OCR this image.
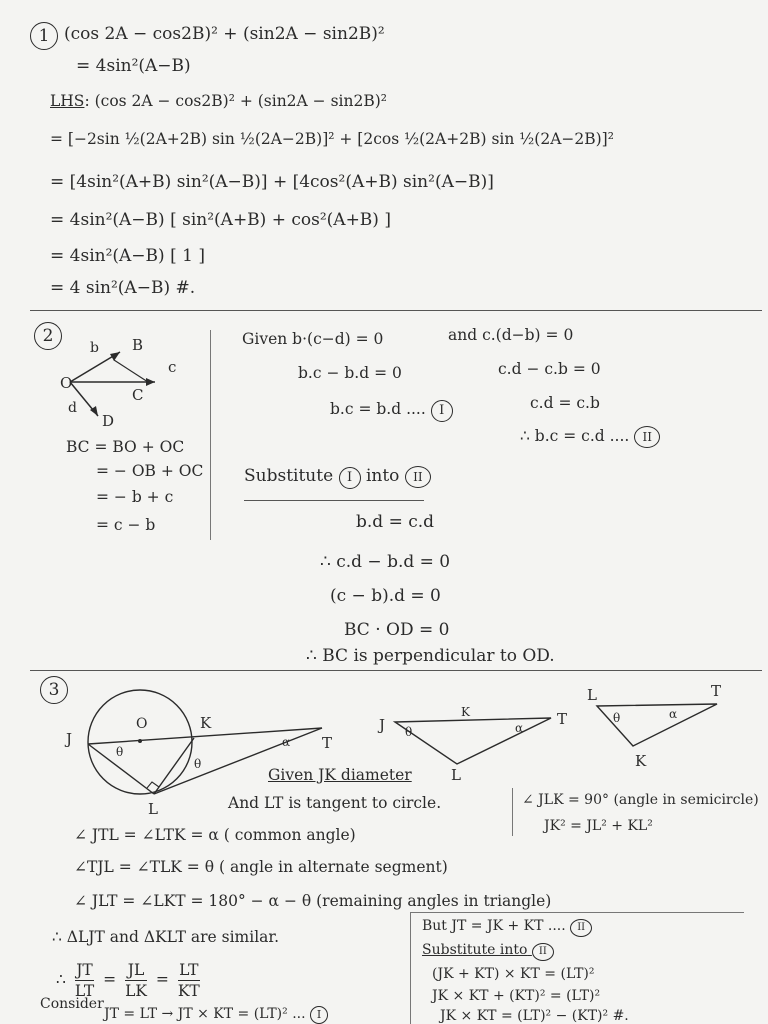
1 (cos 2A − cos2B)² + (sin2A − sin2B)²
= 4sin²(A−B)
LHS: (cos 2A − cos2B)² + (sin2A − sin2B)²
= [−2sin ½(2A+2B) sin ½(2A−2B)]² + [2cos ½(2A+2B) sin ½(2A−2B)]²
= [4sin²(A+B) sin²(A−B)] + [4cos²(A+B) sin²(A−B)]
= 4sin²(A−B) [ sin²(A+B) + cos²(A+B) ]
= 4sin²(A−B) [ 1 ]
= 4 sin²(A−B) #.
2
O
b B
c
C
d
D
BC = BO + OC
= − OB + OC
= − b + c
= c − b
Given b·(c−d) = 0	and c.(d−b) = 0
b.c − b.d = 0
b.c = b.d .... I
c.d − c.b = 0
c.d = c.b
∴ b.c = c.d .... II
Substitute I into II
b.d = c.d
∴ c.d − b.d = 0
(c − b).d = 0
BC · OD = 0
∴ BC is perpendicular to OD.
3
J
O	K
T
L
θ
θ
α
J	T
L
K
θ	α
L	T
K
θ	α
Given JK diameter
And LT is tangent to circle.	∠ JLK = 90° (angle in semicircle)
JK² = JL² + KL²
∠ JTL = ∠LTK = α ( common angle)
∠TJL = ∠TLK = θ ( angle in alternate segment)
∠ JLT = ∠LKT = 180° − α − θ (remaining angles in triangle)
∴ ΔLJT and ΔKLT are similar.
∴ $\frac{JT}{LT} = \frac{JL}{LK} = \frac{LT}{KT}$
Consider
JT = LT → JT × KT = (LT)² ... I
But JT = JK + KT .... II
Substitute into II
(JK + KT) × KT = (LT)²
JK × KT + (KT)² = (LT)²
JK × KT = (LT)² − (KT)² #.
